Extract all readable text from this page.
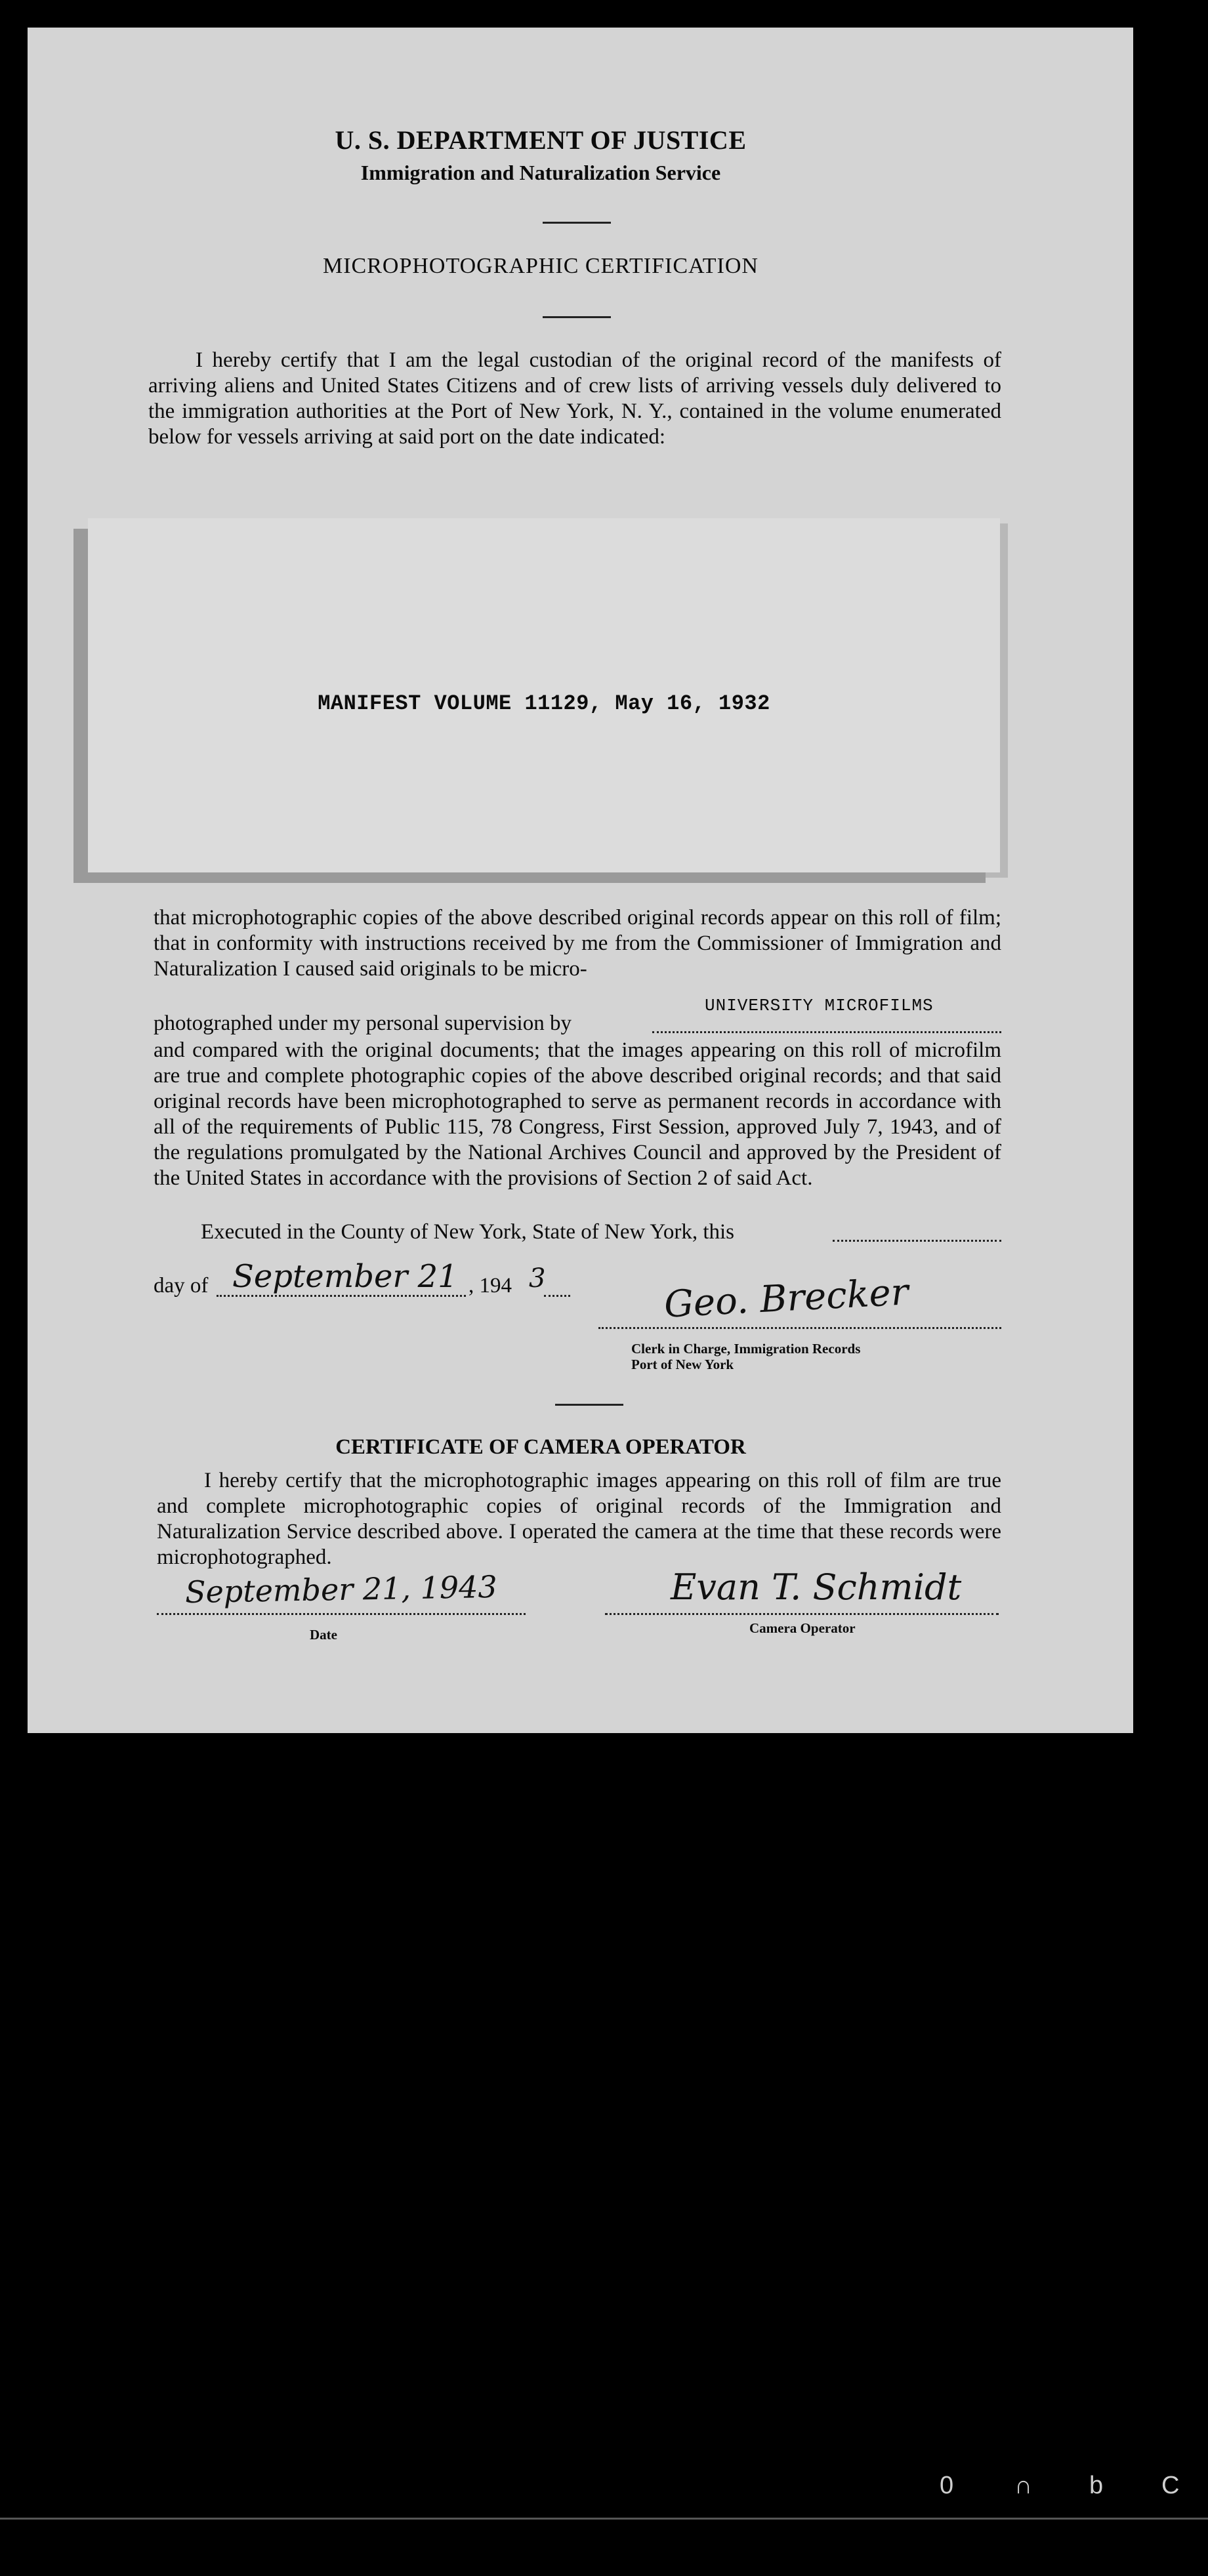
U. S. DEPARTMENT OF JUSTICE
Immigration and Naturalization Service
MICROPHOTOGRAPHIC CERTIFICATION
I hereby certify that I am the legal custodian of the original record of the manifests of arriving aliens and United States Citizens and of crew lists of arriving vessels duly delivered to the immigration authorities at the Port of New York, N. Y., contained in the volume enumerated below for vessels arriving at said port on the date indicated:
MANIFEST VOLUME 11129, May 16, 1932
that microphotographic copies of the above described original records appear on this roll of film; that in conformity with instructions received by me from the Commissioner of Immigration and Naturalization I caused said originals to be micro-
photographed under my personal supervision by
UNIVERSITY MICROFILMS
and compared with the original documents; that the images appearing on this roll of microfilm are true and complete photographic copies of the above described original records; and that said original records have been microphotographed to serve as permanent records in accordance with all of the requirements of Public 115, 78 Congress, First Session, approved July 7, 1943, and of the regulations promulgated by the National Archives Council and approved by the President of the United States in accordance with the provisions of Section 2 of said Act.
Executed in the County of New York, State of New York, this
day of September 21 , 194 3	Geo. Brecker
Clerk in Charge, Immigration Records
Port of New York
CERTIFICATE OF CAMERA OPERATOR
I hereby certify that the microphotographic images appearing on this roll of film are true and complete microphotographic copies of original records of the Immigration and Naturalization Service described above. I operated the camera at the time that these records were microphotographed.
September 21, 1943
Date
Evan T. Schmidt
Camera Operator
0 ∩ b C
